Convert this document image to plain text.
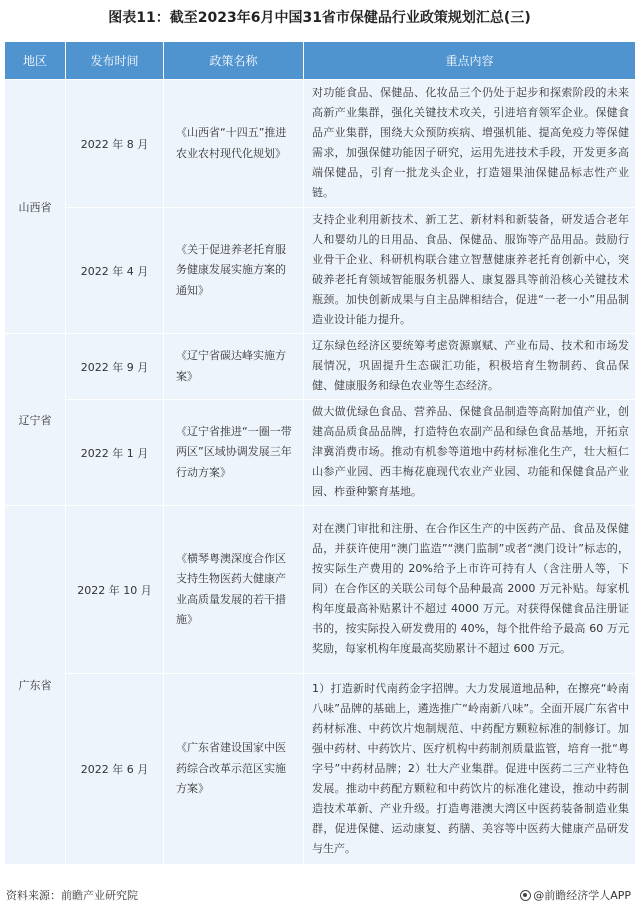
图表11：截至2023年6月中国31省市保健品行业政策规划汇总(三)
地区	发布时间	政策名称	重点内容
山西省	2022 年 8 月	《山西省“十四五”推进农业农村现代化规划》	对功能食品、保健品、化妆品三个仍处于起步和探索阶段的未来高新产业集群，强化关键技术攻关，引进培育领军企业。保健食品产业集群，围绕大众预防疾病、增强机能、提高免疫力等保健需求，加强保健功能因子研究，运用先进技术手段，开发更多高端保健品，引育一批龙头企业，打造翅果油保健品标志性产业链。
	2022 年 4 月	《关于促进养老托育服务健康发展实施方案的通知》	支持企业利用新技术、新工艺、新材料和新装备，研发适合老年人和婴幼儿的日用品、食品、保健品、服饰等产品用品。鼓励行业骨干企业、科研机构联合建立智慧健康养老托育创新中心，突破养老托育领域智能服务机器人、康复器具等前沿核心关键技术瓶颈。加快创新成果与自主品牌相结合，促进“一老一小”用品制造业设计能力提升。
辽宁省	2022 年 9 月	《辽宁省碳达峰实施方案》	辽东绿色经济区要统筹考虑资源禀赋、产业布局、技术和市场发展情况，巩固提升生态碳汇功能，积极培育生物制药、食品保健、健康服务和绿色农业等生态经济。
	2022 年 1 月	《辽宁省推进“一圈一带两区”区域协调发展三年行动方案》	做大做优绿色食品、营养品、保健食品制造等高附加值产业，创建高品质食品品牌，打造特色农副产品和绿色食品基地，开拓京津冀消费市场。推动有机参等道地中药材标准化生产，壮大桓仁山参产业园、西丰梅花鹿现代农业产业园、功能和保健食品产业园、柞蚕种繁育基地。
广东省	2022 年 10 月	《横琴粤澳深度合作区支持生物医药大健康产业高质量发展的若干措施》	对在澳门审批和注册、在合作区生产的中医药产品、食品及保健品，并获许使用“澳门监造”“澳门监制”或者“澳门设计”标志的，按实际生产费用的 20%给予上市许可持有人（含注册人等，下同）在合作区的关联公司每个品种最高 2000 万元补贴。每家机构年度最高补贴累计不超过 4000 万元。对获得保健食品注册证书的，按实际投入研发费用的 40%，每个批件给予最高 60 万元奖励，每家机构年度最高奖励累计不超过 600 万元。
	2022 年 6 月	《广东省建设国家中医药综合改革示范区实施方案》	1）打造新时代南药金字招牌。大力发展道地品种，在擦亮“岭南八味”品牌的基础上，遴选推广“岭南新八味”。全面开展广东省中药材标准、中药饮片炮制规范、中药配方颗粒标准的制修订。加强中药材、中药饮片、医疗机构中药制剂质量监管，培育一批“粤字号”中药材品牌；2）壮大产业集群。促进中医药二三产业特色发展。推动中药配方颗粒和中药饮片的标准化建设，推动中药制造技术革新、产业升级。打造粤港澳大湾区中医药装备制造业集群，促进保健、运动康复、药膳、美容等中医药大健康产品研发与生产。
资料来源：前瞻产业研究院	@前瞻经济学人APP
